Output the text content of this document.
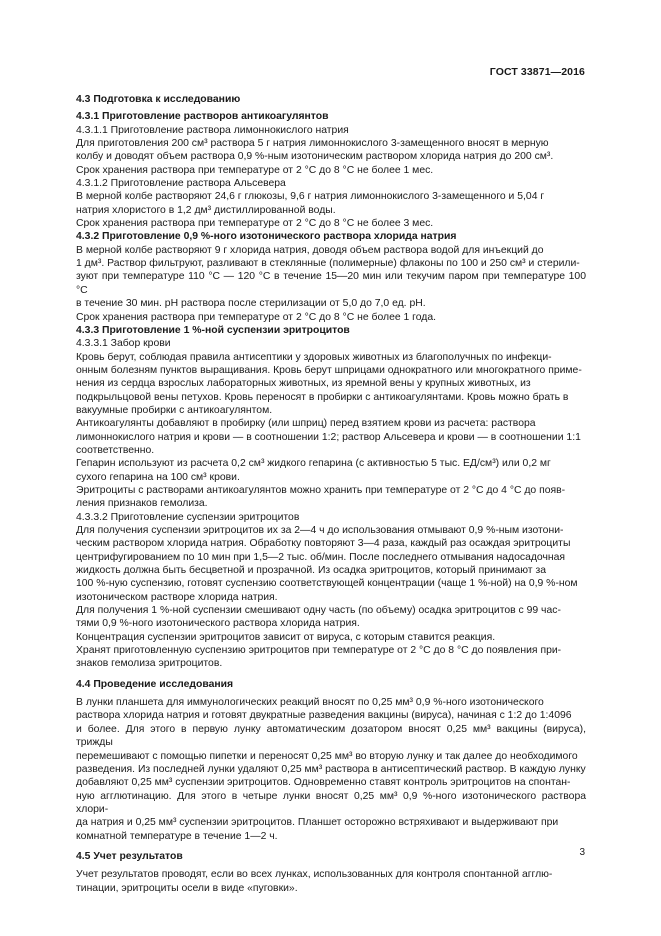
ГОСТ 33871—2016
4.3 Подготовка к исследованию
4.3.1 Приготовление растворов антикоагулянтов
4.3.1.1 Приготовление раствора лимоннокислого натрия
Для приготовления 200 см³ раствора 5 г натрия лимоннокислого 3-замещенного вносят в мерную
колбу и доводят объем раствора 0,9 %-ным изотоническим раствором хлорида натрия до 200 см³.
Срок хранения раствора при температуре от 2 °С до 8 °С не более 1 мес.
4.3.1.2 Приготовление раствора Альсевера
В мерной колбе растворяют 24,6 г глюкозы, 9,6 г натрия лимоннокислого 3-замещенного и 5,04 г
натрия хлористого в 1,2 дм³ дистиллированной воды.
Срок хранения раствора при температуре от 2 °С до 8 °С не более 3 мес.
4.3.2 Приготовление 0,9 %-ного изотонического раствора хлорида натрия
В мерной колбе растворяют 9 г хлорида натрия, доводя объем раствора водой для инъекций до
1 дм³. Раствор фильтруют, разливают в стеклянные (полимерные) флаконы по 100 и 250 см³ и стерили-
зуют при температуре 110 °С — 120 °С в течение 15—20 мин или текучим паром при температуре 100 °С
в течение 30 мин. pH раствора после стерилизации от 5,0 до 7,0 ед. pH.
Срок хранения раствора при температуре от 2 °С до 8 °С не более 1 года.
4.3.3 Приготовление 1 %-ной суспензии эритроцитов
4.3.3.1 Забор крови
Кровь берут, соблюдая правила антисептики у здоровых животных из благополучных по инфекци-
онным болезням пунктов выращивания. Кровь берут шприцами однократного или многократного приме-
нения из сердца взрослых лабораторных животных, из яремной вены у крупных животных, из
подкрыльцовой вены петухов. Кровь переносят в пробирки с антикоагулянтами. Кровь можно брать в
вакуумные пробирки с антикоагулянтом.
Антикоагулянты добавляют в пробирку (или шприц) перед взятием крови из расчета: раствора
лимоннокислого натрия и крови — в соотношении 1:2; раствор Альсевера и крови — в соотношении 1:1
соответственно.
Гепарин используют из расчета 0,2 см³ жидкого гепарина (с активностью 5 тыс. ЕД/см³) или 0,2 мг
сухого гепарина на 100 см³ крови.
Эритроциты с растворами антикоагулянтов можно хранить при температуре от 2 °С до 4 °С до появ-
ления признаков гемолиза.
4.3.3.2 Приготовление суспензии эритроцитов
Для получения суспензии эритроцитов их за 2—4 ч до использования отмывают 0,9 %-ным изотони-
ческим раствором хлорида натрия. Обработку повторяют 3—4 раза, каждый раз осаждая эритроциты
центрифугированием по 10 мин при 1,5—2 тыс. об/мин. После последнего отмывания надосадочная
жидкость должна быть бесцветной и прозрачной. Из осадка эритроцитов, который принимают за
100 %-ную суспензию, готовят суспензию соответствующей концентрации (чаще 1 %-ной) на 0,9 %-ном
изотоническом растворе хлорида натрия.
Для получения 1 %-ной суспензии смешивают одну часть (по объему) осадка эритроцитов с 99 час-
тями 0,9 %-ного изотонического раствора хлорида натрия.
Концентрация суспензии эритроцитов зависит от вируса, с которым ставится реакция.
Хранят приготовленную суспензию эритроцитов при температуре от 2 °С до 8 °С до появления при-
знаков гемолиза эритроцитов.
4.4 Проведение исследования
В лунки планшета для иммунологических реакций вносят по 0,25 мм³ 0,9 %-ного изотонического
раствора хлорида натрия и готовят двукратные разведения вакцины (вируса), начиная с 1:2 до 1:4096
и более. Для этого в первую лунку автоматическим дозатором вносят 0,25 мм³ вакцины (вируса), трижды
перемешивают с помощью пипетки и переносят 0,25 мм³ во вторую лунку и так далее до необходимого
разведения. Из последней лунки удаляют 0,25 мм³ раствора в антисептический раствор. В каждую лунку
добавляют 0,25 мм³ суспензии эритроцитов. Одновременно ставят контроль эритроцитов на спонтан-
ную агглютинацию. Для этого в четыре лунки вносят 0,25 мм³ 0,9 %-ного изотонического раствора хлори-
да натрия и 0,25 мм³ суспензии эритроцитов. Планшет осторожно встряхивают и выдерживают при
комнатной температуре в течение 1—2 ч.
4.5 Учет результатов
Учет результатов проводят, если во всех лунках, использованных для контроля спонтанной агглю-
тинации, эритроциты осели в виде «пуговки».
3
